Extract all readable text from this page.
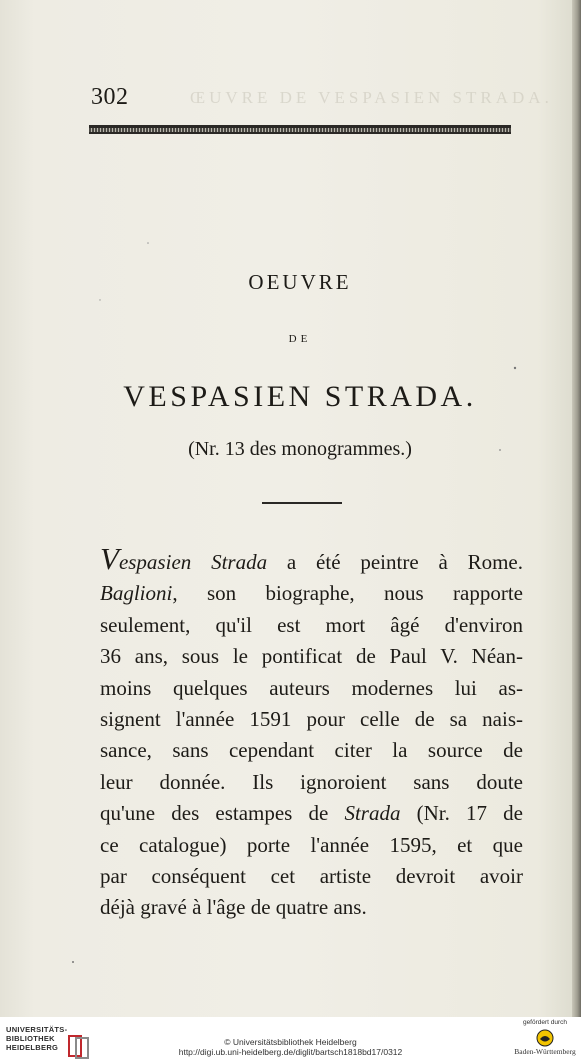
ŒUVRE DE VESPASIEN STRADA.
302
OEUVRE
DE
VESPASIEN STRADA.
(Nr. 13 des monogrammes.)
Vespasien Strada a été peintre à Rome.
Baglioni, son biographe, nous rapporte
seulement, qu'il est mort âgé d'environ
36 ans, sous le pontificat de Paul V. Néan-
moins quelques auteurs modernes lui as-
signent l'année 1591 pour celle de sa nais-
sance, sans cependant citer la source de
leur donnée. Ils ignoroient sans doute
qu'une des estampes de Strada (Nr. 17 de
ce catalogue) porte l'année 1595, et que
par conséquent cet artiste devroit avoir
déjà gravé à l'âge de quatre ans.
UNIVERSITÄTS-
BIBLIOTHEK
HEIDELBERG
© Universitätsbibliothek Heidelberg
http://digi.ub.uni-heidelberg.de/diglit/bartsch1818bd17/0312
gefördert durch
Baden-Württemberg
